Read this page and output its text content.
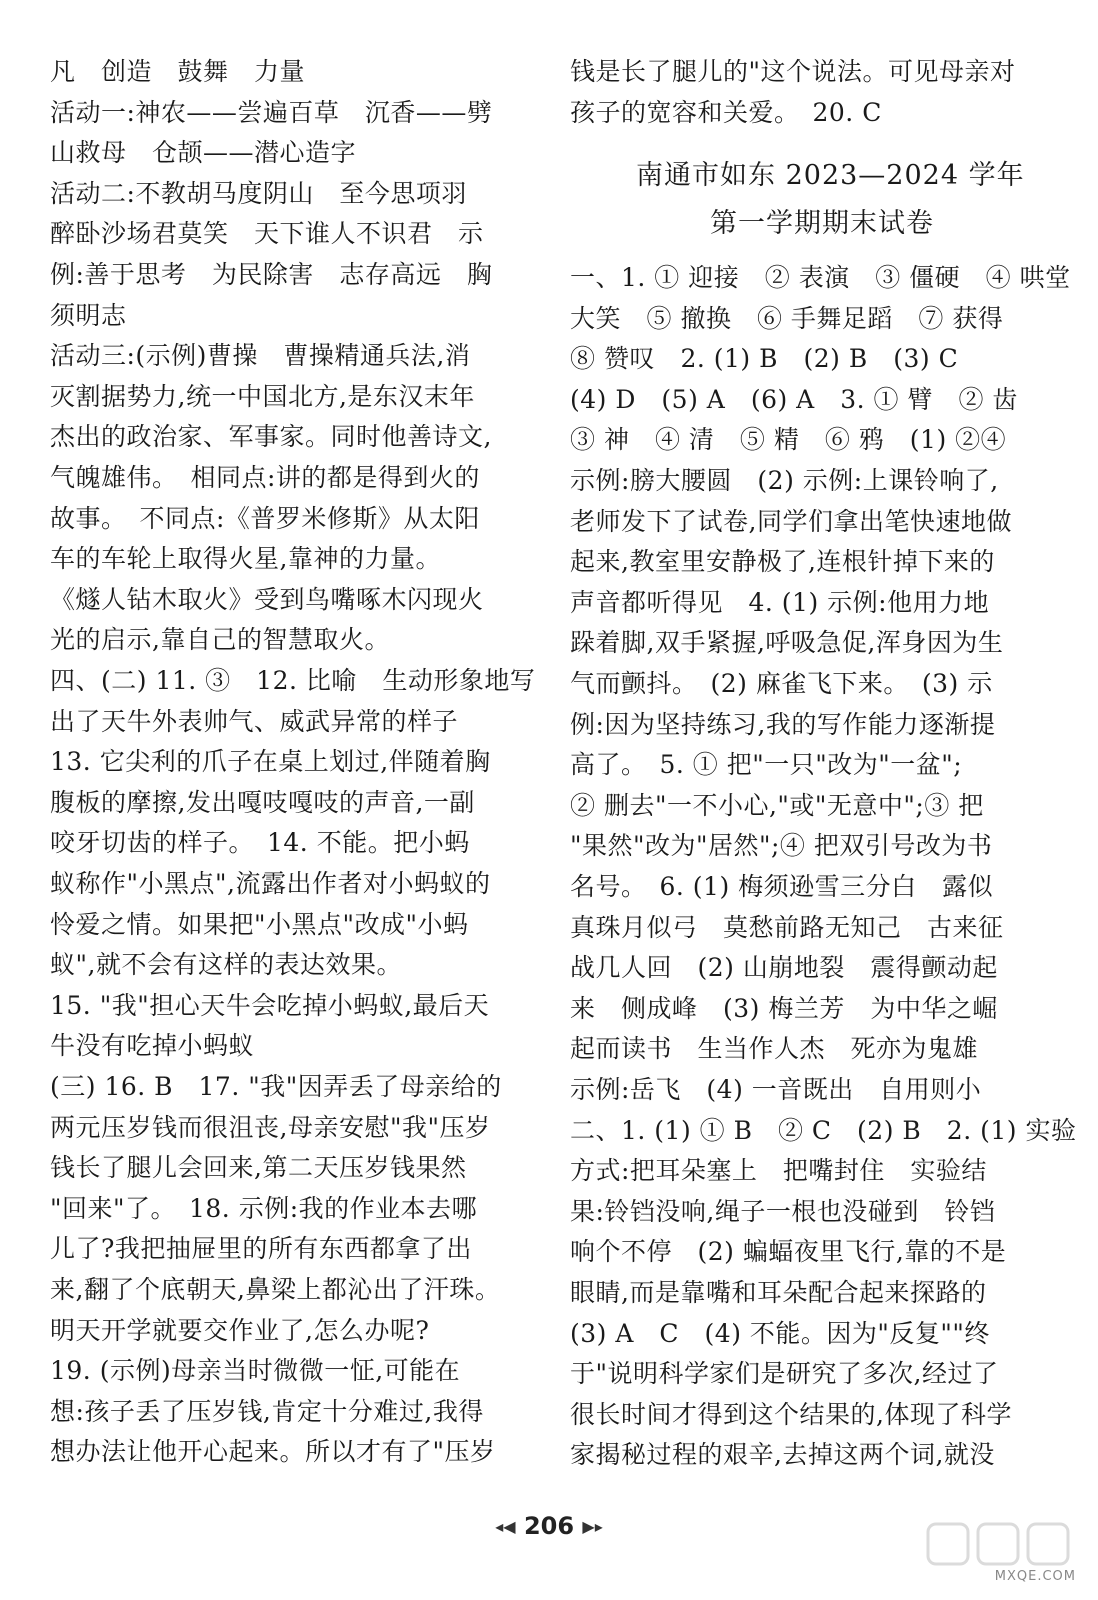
凡　创造　鼓舞　力量
活动一:神农——尝遍百草　沉香——劈
山救母　仓颉——潜心造字
活动二:不教胡马度阴山　至今思项羽
醉卧沙场君莫笑　天下谁人不识君　示
例:善于思考　为民除害　志存高远　胸
须明志
活动三:(示例)曹操　曹操精通兵法,消
灭割据势力,统一中国北方,是东汉末年
杰出的政治家、军事家。同时他善诗文,
气魄雄伟。　相同点:讲的都是得到火的
故事。　不同点:《普罗米修斯》从太阳
车的车轮上取得火星,靠神的力量。
《燧人钻木取火》受到鸟嘴啄木闪现火
光的启示,靠自己的智慧取火。
四、(二) 11. ③　12. 比喻　生动形象地写
出了天牛外表帅气、威武异常的样子
13. 它尖利的爪子在桌上划过,伴随着胸
腹板的摩擦,发出嘎吱嘎吱的声音,一副
咬牙切齿的样子。　14. 不能。把小蚂
蚁称作"小黑点",流露出作者对小蚂蚁的
怜爱之情。如果把"小黑点"改成"小蚂
蚁",就不会有这样的表达效果。
15. "我"担心天牛会吃掉小蚂蚁,最后天
牛没有吃掉小蚂蚁
(三) 16. B　17. "我"因弄丢了母亲给的
两元压岁钱而很沮丧,母亲安慰"我"压岁
钱长了腿儿会回来,第二天压岁钱果然
"回来"了。　18. 示例:我的作业本去哪
儿了?我把抽屉里的所有东西都拿了出
来,翻了个底朝天,鼻梁上都沁出了汗珠。
明天开学就要交作业了,怎么办呢?
19. (示例)母亲当时微微一怔,可能在
想:孩子丢了压岁钱,肯定十分难过,我得
想办法让他开心起来。所以才有了"压岁
钱是长了腿儿的"这个说法。可见母亲对
孩子的宽容和关爱。　20. C
南通市如东 2023—2024 学年
第一学期期末试卷
一、1. ① 迎接　② 表演　③ 僵硬　④ 哄堂
大笑　⑤ 撤换　⑥ 手舞足蹈　⑦ 获得
⑧ 赞叹　2. (1) B　(2) B　(3) C
(4) D　(5) A　(6) A　3. ① 臂　② 齿
③ 神　④ 清　⑤ 精　⑥ 鸦　(1) ②④
示例:膀大腰圆　(2) 示例:上课铃响了,
老师发下了试卷,同学们拿出笔快速地做
起来,教室里安静极了,连根针掉下来的
声音都听得见　4. (1) 示例:他用力地
跺着脚,双手紧握,呼吸急促,浑身因为生
气而颤抖。　(2) 麻雀飞下来。　(3) 示
例:因为坚持练习,我的写作能力逐渐提
高了。　5. ① 把"一只"改为"一盆";
② 删去"一不小心,"或"无意中";③ 把
"果然"改为"居然";④ 把双引号改为书
名号。　6. (1) 梅须逊雪三分白　露似
真珠月似弓　莫愁前路无知己　古来征
战几人回　(2) 山崩地裂　震得颤动起
来　侧成峰　(3) 梅兰芳　为中华之崛
起而读书　生当作人杰　死亦为鬼雄
示例:岳飞　(4) 一音既出　自用则小
二、1. (1) ① B　② C　(2) B　2. (1) 实验
方式:把耳朵塞上　把嘴封住　实验结
果:铃铛没响,绳子一根也没碰到　铃铛
响个不停　(2) 蝙蝠夜里飞行,靠的不是
眼睛,而是靠嘴和耳朵配合起来探路的
(3) A　C　(4) 不能。因为"反复""终
于"说明科学家们是研究了多次,经过了
很长时间才得到这个结果的,体现了科学
家揭秘过程的艰辛,去掉这两个词,就没
◂◀ 206 ▶▸
MXQE.COM
